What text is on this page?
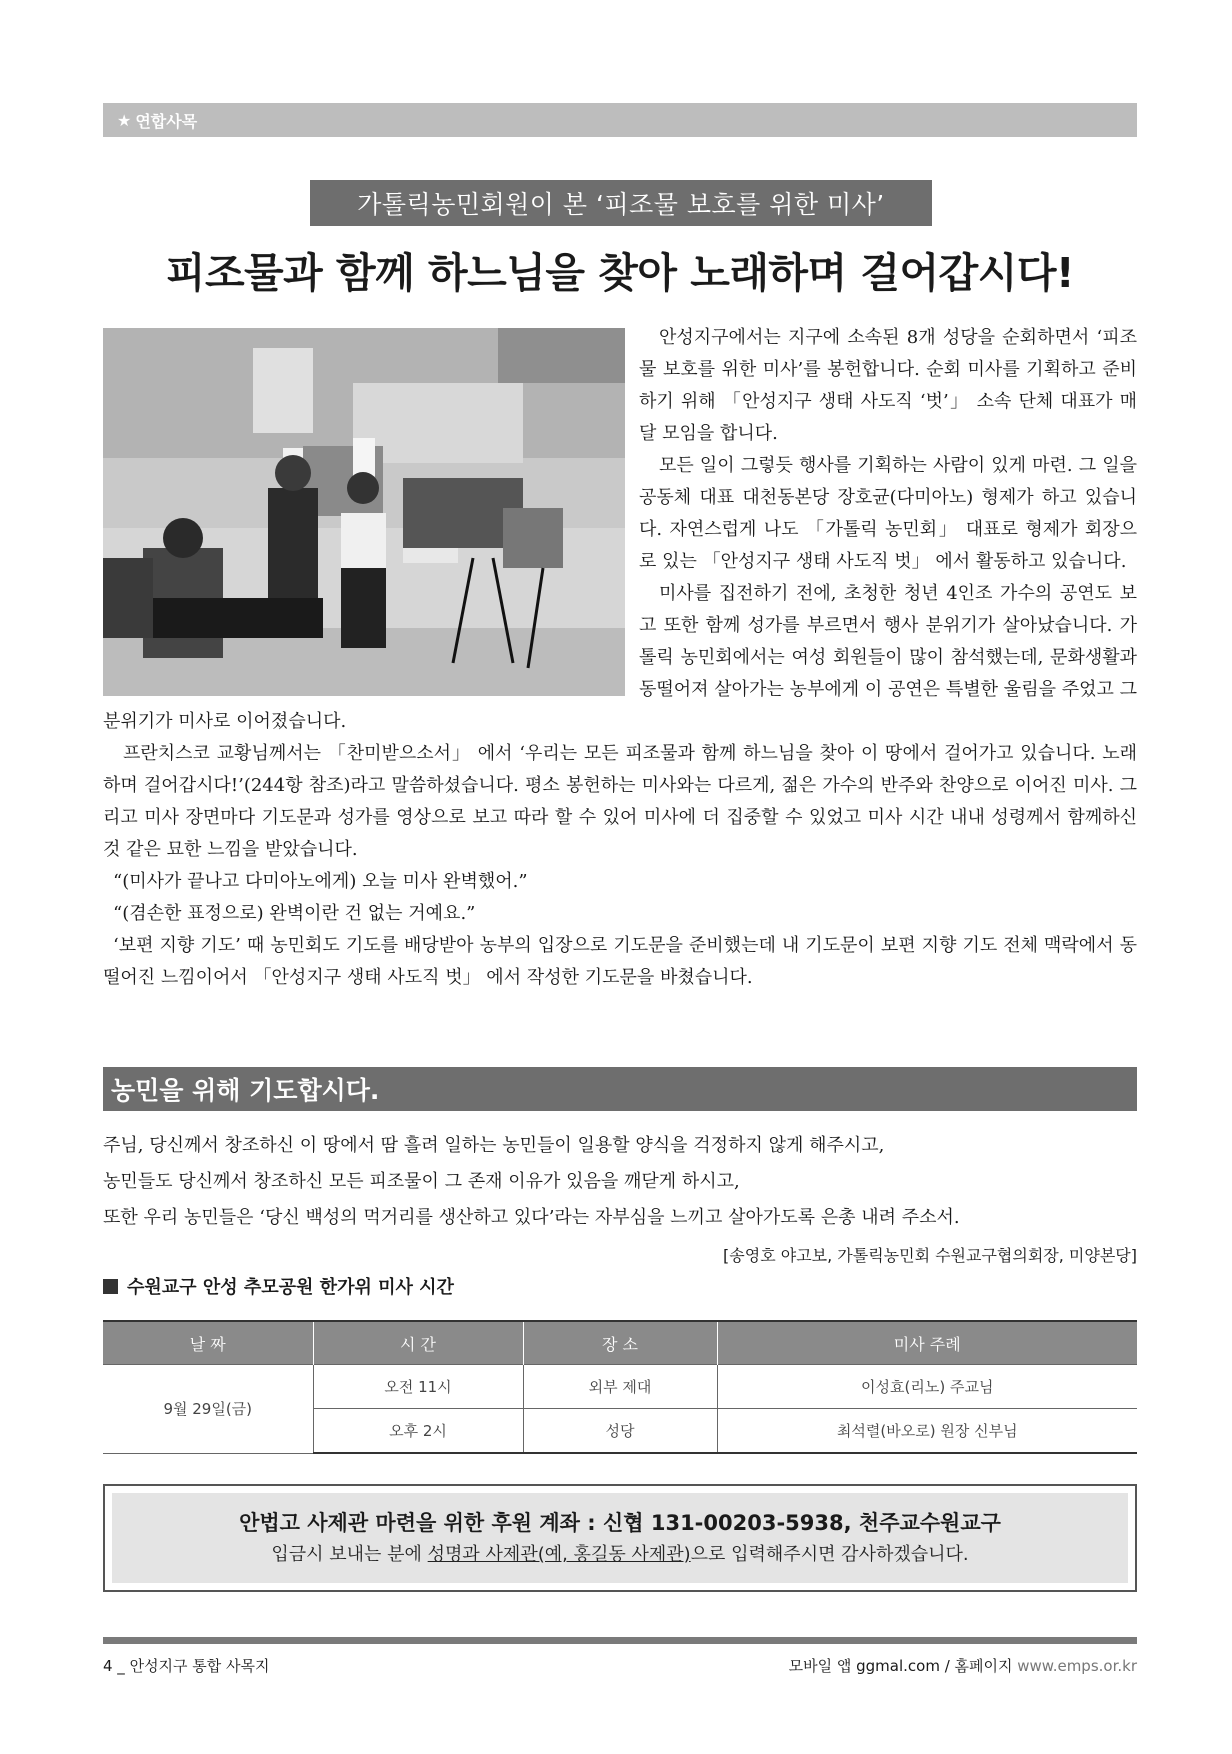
★ 연합사목
가톨릭농민회원이 본 ‘피조물 보호를 위한 미사’
피조물과 함께 하느님을 찾아 노래하며 걸어갑시다!

안성지구에서는 지구에 소속된 8개 성당을 순회하면서 ‘피조물 보호를 위한 미사’를 봉헌합니다. 순회 미사를 기획하고 준비하기 위해 「안성지구 생태 사도직 ‘벗’」 소속 단체 대표가 매달 모임을 합니다.

모든 일이 그렇듯 행사를 기획하는 사람이 있게 마련. 그 일을 공동체 대표 대천동본당 장호균(다미아노) 형제가 하고 있습니다. 자연스럽게 나도 「가톨릭 농민회」 대표로 형제가 회장으로 있는 「안성지구 생태 사도직 벗」 에서 활동하고 있습니다.

미사를 집전하기 전에, 초청한 청년 4인조 가수의 공연도 보고 또한 함께 성가를 부르면서 행사 분위기가 살아났습니다. 가톨릭 농민회에서는 여성 회원들이 많이 참석했는데, 문화생활과 동떨어져 살아가는 농부에게 이 공연은 특별한 울림을 주었고 그 분위기가 미사로 이어졌습니다.

프란치스코 교황님께서는 「찬미받으소서」 에서 ‘우리는 모든 피조물과 함께 하느님을 찾아 이 땅에서 걸어가고 있습니다. 노래하며 걸어갑시다!’(244항 참조)라고 말씀하셨습니다. 평소 봉헌하는 미사와는 다르게, 젊은 가수의 반주와 찬양으로 이어진 미사. 그리고 미사 장면마다 기도문과 성가를 영상으로 보고 따라 할 수 있어 미사에 더 집중할 수 있었고 미사 시간 내내 성령께서 함께하신 것 같은 묘한 느낌을 받았습니다.

“(미사가 끝나고 다미아노에게) 오늘 미사 완벽했어.”

“(겸손한 표정으로) 완벽이란 건 없는 거예요.”

‘보편 지향 기도’ 때 농민회도 기도를 배당받아 농부의 입장으로 기도문을 준비했는데 내 기도문이 보편 지향 기도 전체 맥락에서 동떨어진 느낌이어서 「안성지구 생태 사도직 벗」 에서 작성한 기도문을 바쳤습니다.

농민을 위해 기도합시다.

주님, 당신께서 창조하신 이 땅에서 땀 흘려 일하는 농민들이 일용할 양식을 걱정하지 않게 해주시고,

농민들도 당신께서 창조하신 모든 피조물이 그 존재 이유가 있음을 깨닫게 하시고,

또한 우리 농민들은 ‘당신 백성의 먹거리를 생산하고 있다’라는 자부심을 느끼고 살아가도록 은총 내려 주소서.

[송영호 야고보, 가톨릭농민회 수원교구협의회장, 미양본당]
수원교구 안성 추모공원 한가위 미사 시간
날 짜	시 간	장 소	미사 주례
9월 29일(금)	오전 11시	외부 제대	이성효(리노) 주교님
	오후 2시	성당	최석렬(바오로) 원장 신부님
안법고 사제관 마련을 위한 후원 계좌 : 신협 131-00203-5938, 천주교수원교구
입금시 보내는 분에 성명과 사제관(예, 홍길동 사제관)으로 입력해주시면 감사하겠습니다.
4 _ 안성지구 통합 사목지	모바일 앱 ggmal.com / 홈페이지 www.emps.or.kr
